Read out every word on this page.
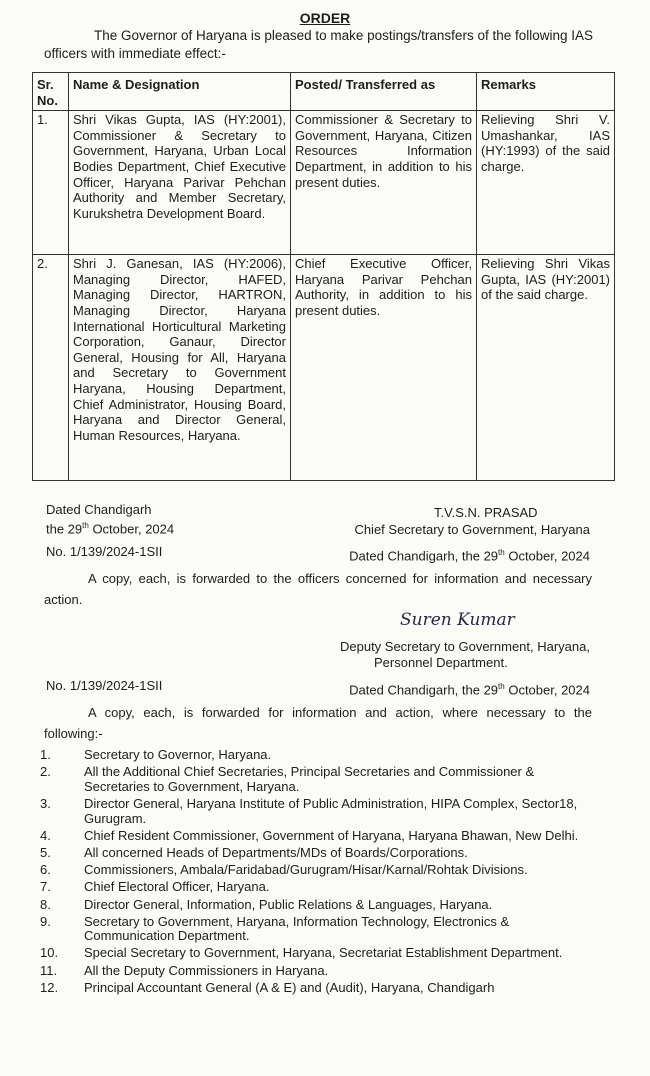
ORDER
The Governor of Haryana is pleased to make postings/transfers of the following IAS officers with immediate effect:-
Sr. No.	Name & Designation	Posted/ Transferred as	Remarks
1.	Shri Vikas Gupta, IAS (HY:2001), Commissioner & Secretary to Government, Haryana, Urban Local Bodies Department, Chief Executive Officer, Haryana Parivar Pehchan Authority and Member Secretary, Kurukshetra Development Board.	Commissioner & Secretary to Government, Haryana, Citizen Resources Information Department, in addition to his present duties.	Relieving Shri V. Umashankar, IAS (HY:1993) of the said charge.
2.	Shri J. Ganesan, IAS (HY:2006), Managing Director, HAFED, Managing Director, HARTRON, Managing Director, Haryana International Horticultural Marketing Corporation, Ganaur, Director General, Housing for All, Haryana and Secretary to Government Haryana, Housing Department, Chief Administrator, Housing Board, Haryana and Director General, Human Resources, Haryana.	Chief Executive Officer, Haryana Parivar Pehchan Authority, in addition to his present duties.	Relieving Shri Vikas Gupta, IAS (HY:2001) of the said charge.
Dated Chandigarh
the 29th October, 2024
T.V.S.N. PRASAD
Chief Secretary to Government, Haryana
No. 1/139/2024-1SII	Dated Chandigarh, the 29th October, 2024
A copy, each, is forwarded to the officers concerned for information and necessary action.
Suren Kumar
Deputy Secretary to Government, Haryana,
Personnel Department.
No. 1/139/2024-1SII	Dated Chandigarh, the 29th October, 2024
A copy, each, is forwarded for information and action, where necessary to the following:-
1.	Secretary to Governor, Haryana.
2.	All the Additional Chief Secretaries, Principal Secretaries and Commissioner & Secretaries to Government, Haryana.
3.	Director General, Haryana Institute of Public Administration, HIPA Complex, Sector18, Gurugram.
4.	Chief Resident Commissioner, Government of Haryana, Haryana Bhawan, New Delhi.
5.	All concerned Heads of Departments/MDs of Boards/Corporations.
6.	Commissioners, Ambala/Faridabad/Gurugram/Hisar/Karnal/Rohtak Divisions.
7.	Chief Electoral Officer, Haryana.
8.	Director General, Information, Public Relations & Languages, Haryana.
9.	Secretary to Government, Haryana, Information Technology, Electronics & Communication Department.
10.	Special Secretary to Government, Haryana, Secretariat Establishment Department.
11.	All the Deputy Commissioners in Haryana.
12.	Principal Accountant General (A & E) and (Audit), Haryana, Chandigarh
